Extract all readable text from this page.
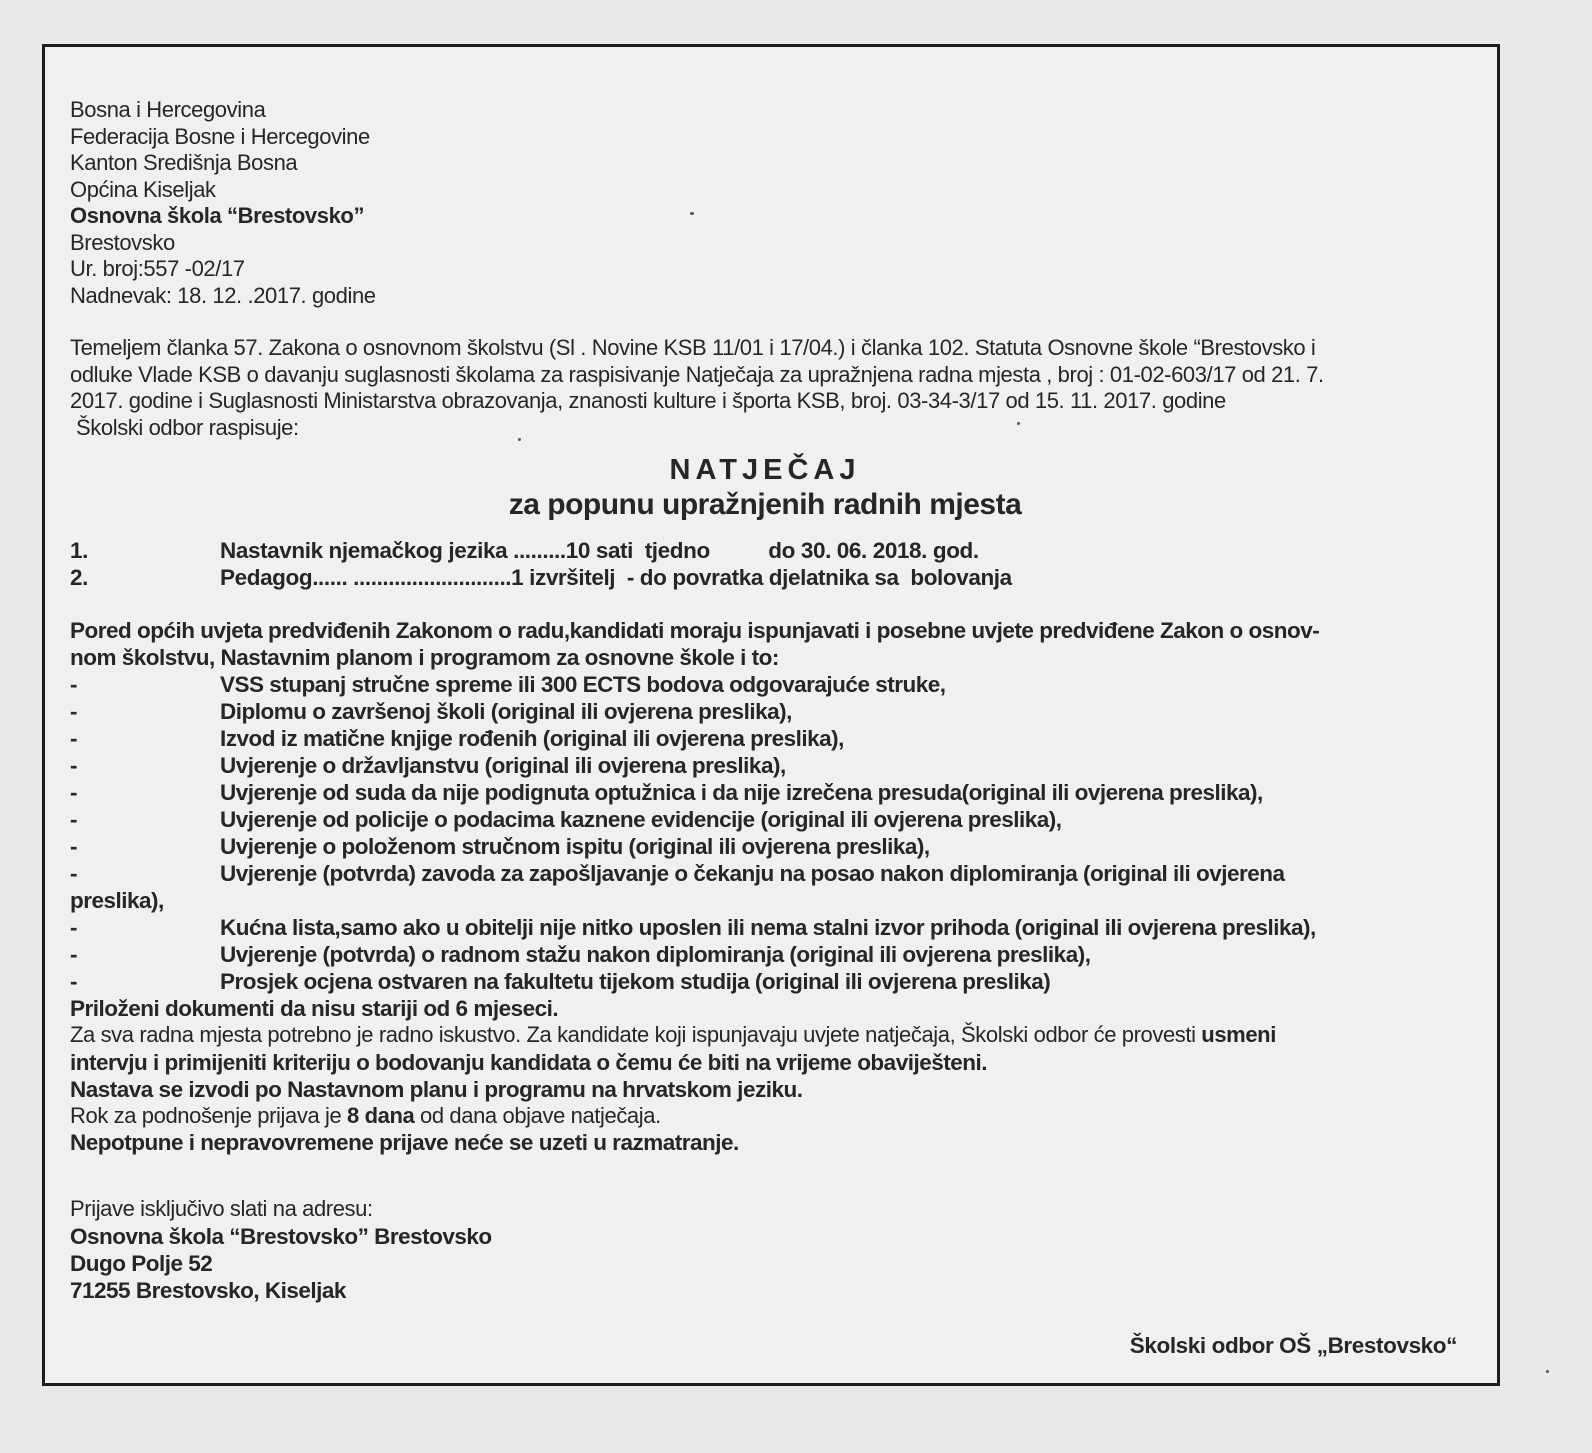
Bosna i Hercegovina
Federacija Bosne i Hercegovine
Kanton Središnja Bosna
Općina Kiseljak
Osnovna škola “Brestovsko”
Brestovsko
Ur. broj:557 -02/17
Nadnevak: 18. 12. .2017. godine
Temeljem članka 57. Zakona o osnovnom školstvu (Sl . Novine KSB 11/01 i 17/04.) i članka 102. Statuta Osnovne škole “Brestovsko i
odluke Vlade KSB o davanju suglasnosti školama za raspisivanje Natječaja za upražnjena radna mjesta , broj : 01-02-603/17 od 21. 7.
2017. godine i Suglasnosti Ministarstva obrazovanja, znanosti kulture i športa KSB, broj. 03-34-3/17 od 15. 11. 2017. godine
Školski odbor raspisuje:
NATJEČAJ
za popunu upražnjenih radnih mjesta
1.	Nastavnik njemačkog jezika .........10 sati  tjedno          do 30. 06. 2018. god.
2.	Pedagog...... ...........................1 izvršitelj  - do povratka djelatnika sa  bolovanja
Pored općih uvjeta predviđenih Zakonom o radu,kandidati moraju ispunjavati i posebne uvjete predviđene Zakon o osnov-
nom školstvu, Nastavnim planom i programom za osnovne škole i to:
-	VSS stupanj stručne spreme ili 300 ECTS bodova odgovarajuće struke,
-	Diplomu o završenoj školi (original ili ovjerena preslika),
-	Izvod iz matične knjige rođenih (original ili ovjerena preslika),
-	Uvjerenje o državljanstvu (original ili ovjerena preslika),
-	Uvjerenje od suda da nije podignuta optužnica i da nije izrečena presuda(original ili ovjerena preslika),
-	Uvjerenje od policije o podacima kaznene evidencije (original ili ovjerena preslika),
-	Uvjerenje o položenom stručnom ispitu (original ili ovjerena preslika),
-	Uvjerenje (potvrda) zavoda za zapošljavanje o čekanju na posao nakon diplomiranja (original ili ovjerena
preslika),
-	Kućna lista,samo ako u obitelji nije nitko uposlen ili nema stalni izvor prihoda (original ili ovjerena preslika),
-	Uvjerenje (potvrda) o radnom stažu nakon diplomiranja (original ili ovjerena preslika),
-	Prosjek ocjena ostvaren na fakultetu tijekom studija (original ili ovjerena preslika)
Priloženi dokumenti da nisu stariji od 6 mjeseci.
Za sva radna mjesta potrebno je radno iskustvo. Za kandidate koji ispunjavaju uvjete natječaja, Školski odbor će provesti usmeni
intervju i primijeniti kriteriju o bodovanju kandidata o čemu će biti na vrijeme obaviješteni.
Nastava se izvodi po Nastavnom planu i programu na hrvatskom jeziku.
Rok za podnošenje prijava je 8 dana od dana objave natječaja.
Nepotpune i nepravovremene prijave neće se uzeti u razmatranje.
Prijave isključivo slati na adresu:
Osnovna škola “Brestovsko” Brestovsko
Dugo Polje 52
71255 Brestovsko, Kiseljak
Školski odbor OŠ „Brestovsko“
